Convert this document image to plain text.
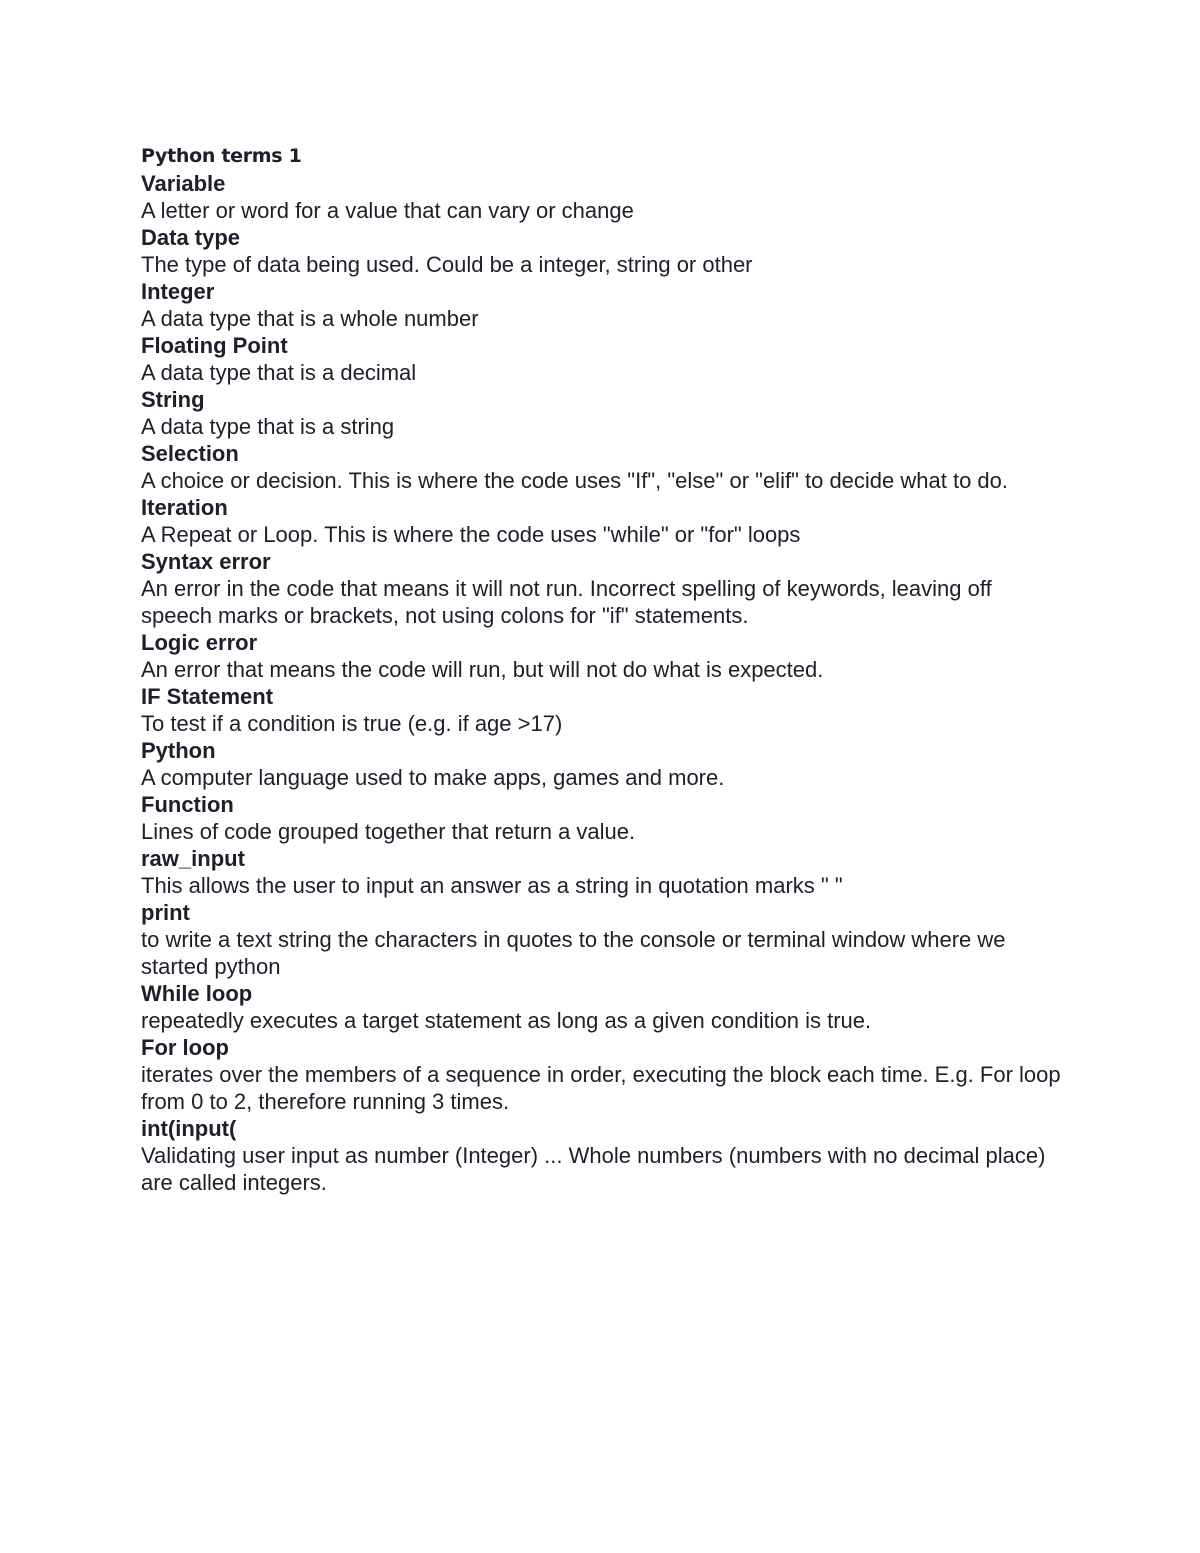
Python terms 1

Variable

A letter or word for a value that can vary or change

Data type

The type of data being used. Could be a integer, string or other

Integer

A data type that is a whole number

Floating Point

A data type that is a decimal

String

A data type that is a string

Selection

A choice or decision. This is where the code uses "If", "else" or "elif" to decide what to do.

Iteration

A Repeat or Loop. This is where the code uses "while" or "for" loops

Syntax error

An error in the code that means it will not run. Incorrect spelling of keywords, leaving off speech marks or brackets, not using colons for "if" statements.

Logic error

An error that means the code will run, but will not do what is expected.

IF Statement

To test if a condition is true (e.g. if age >17)

Python

A computer language used to make apps, games and more.

Function

Lines of code grouped together that return a value.

raw_input

This allows the user to input an answer as a string in quotation marks " "

print

to write a text string the characters in quotes to the console or terminal window where we started python

While loop

repeatedly executes a target statement as long as a given condition is true.

For loop

iterates over the members of a sequence in order, executing the block each time. E.g. For loop from 0 to 2, therefore running 3 times.

int(input(

Validating user input as number (Integer) ... Whole numbers (numbers with no decimal place) are called integers.
